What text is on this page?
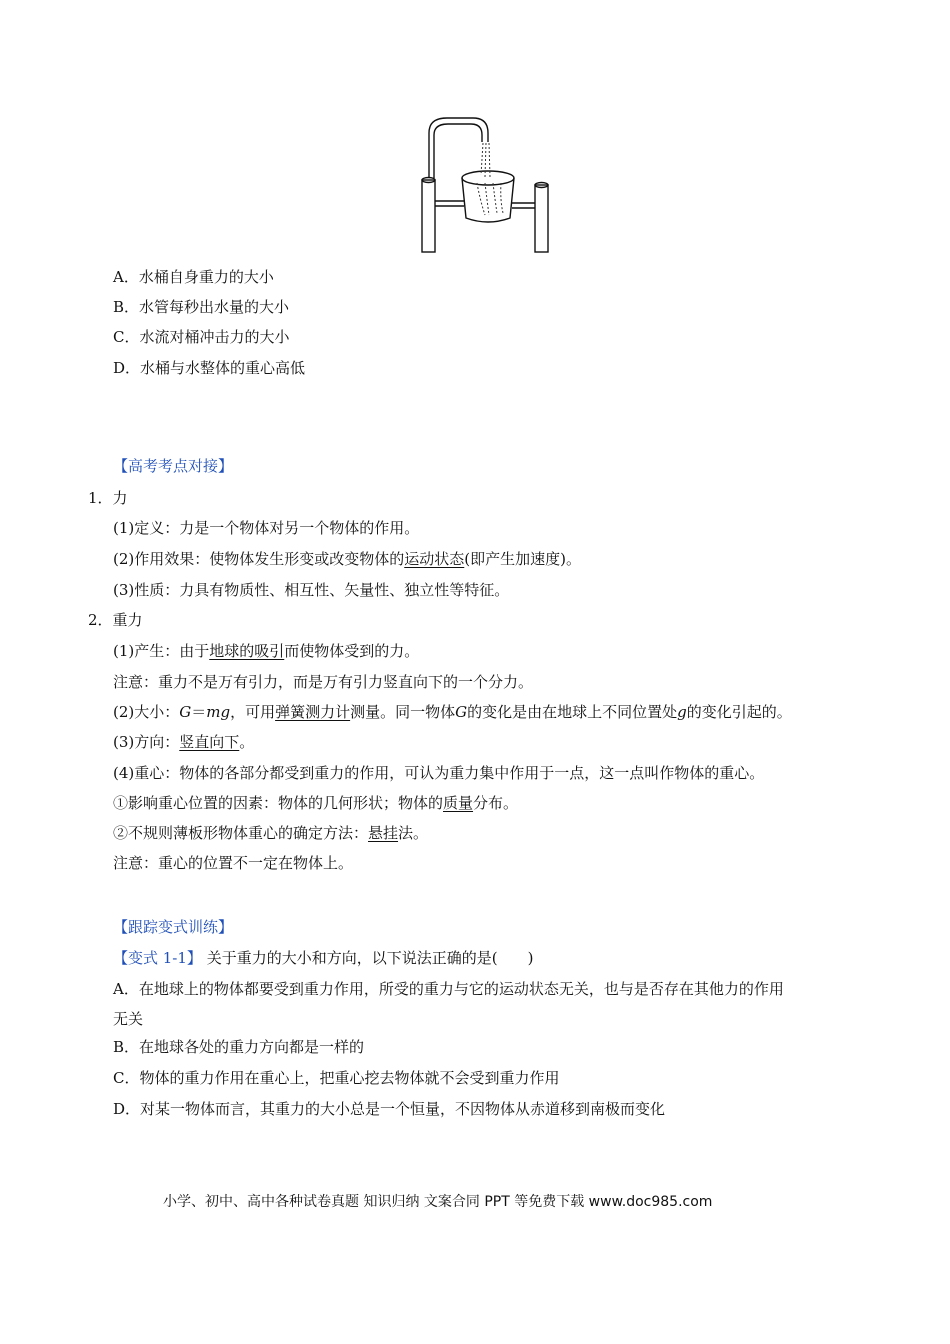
A．水桶自身重力的大小
B．水管每秒出水量的大小
C．水流对桶冲击力的大小
D．水桶与水整体的重心高低
【高考考点对接】
1．力
(1)定义：力是一个物体对另一个物体的作用。
(2)作用效果：使物体发生形变或改变物体的运动状态(即产生加速度)。
(3)性质：力具有物质性、相互性、矢量性、独立性等特征。
2．重力
(1)产生：由于地球的吸引而使物体受到的力。
注意：重力不是万有引力，而是万有引力竖直向下的一个分力。
(2)大小：G＝mg，可用弹簧测力计测量。同一物体G的变化是由在地球上不同位置处g的变化引起的。
(3)方向：竖直向下。
(4)重心：物体的各部分都受到重力的作用，可认为重力集中作用于一点，这一点叫作物体的重心。
①影响重心位置的因素：物体的几何形状；物体的质量分布。
②不规则薄板形物体重心的确定方法：悬挂法。
注意：重心的位置不一定在物体上。
【跟踪变式训练】
【变式 1-1】 关于重力的大小和方向，以下说法正确的是(　　)
A．在地球上的物体都要受到重力作用，所受的重力与它的运动状态无关，也与是否存在其他力的作用
无关
B．在地球各处的重力方向都是一样的
C．物体的重力作用在重心上，把重心挖去物体就不会受到重力作用
D．对某一物体而言，其重力的大小总是一个恒量，不因物体从赤道移到南极而变化
小学、初中、高中各种试卷真题 知识归纳 文案合同 PPT 等免费下载 www.doc985.com
